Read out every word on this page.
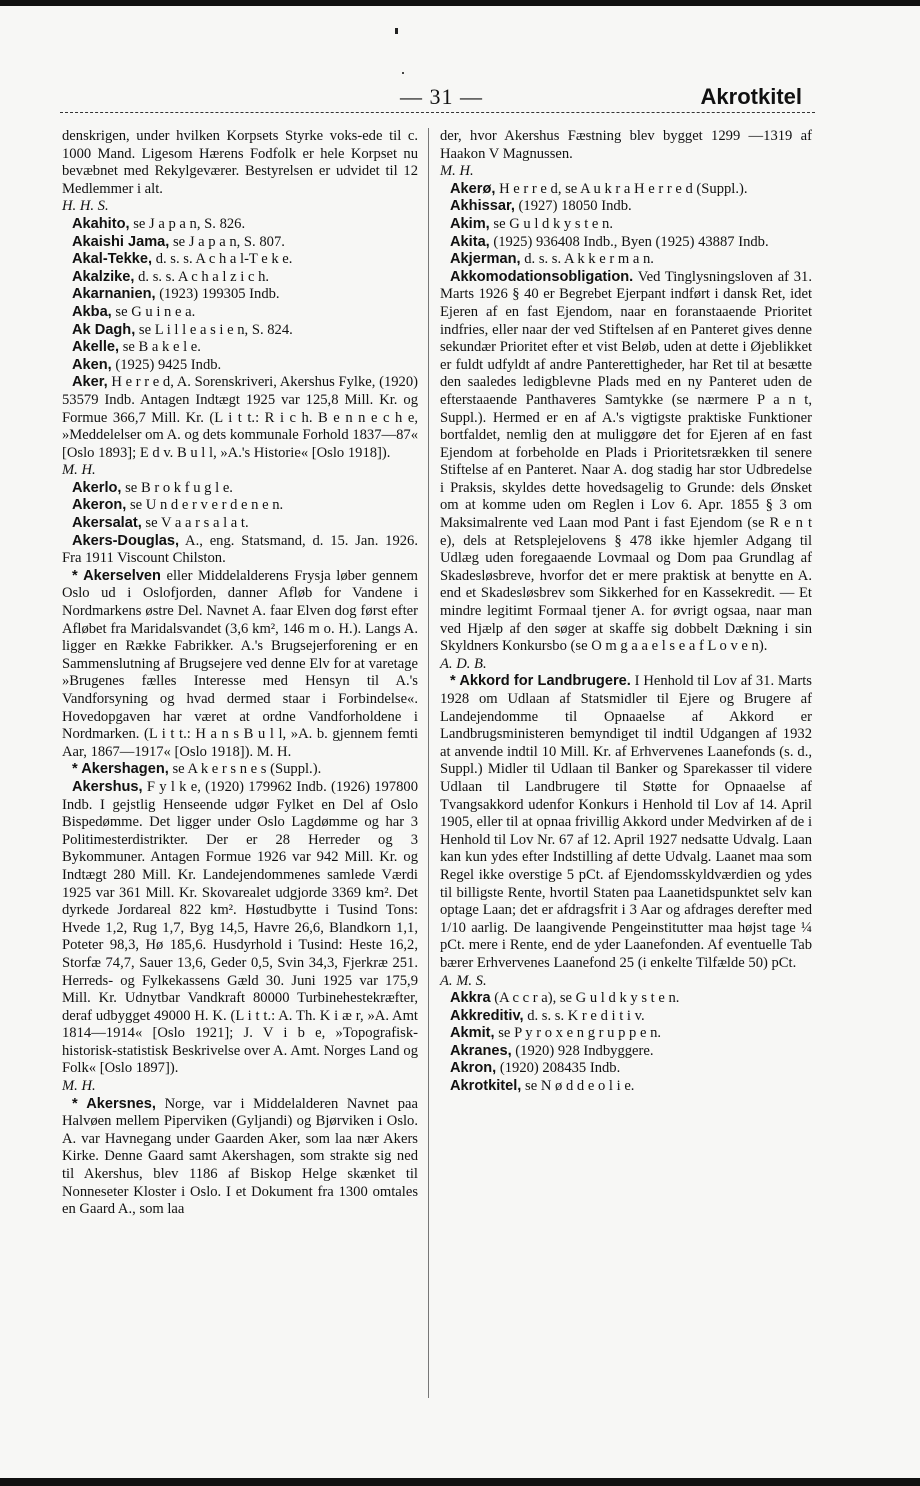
— 31 —	Akrotkitel

denskrigen, under hvilken Korpsets Styrke voks-ede til c. 1000 Mand. Ligesom Hærens Fodfolk er hele Korpset nu bevæbnet med Rekylgeværer. Bestyrelsen er udvidet til 12 Medlemmer i alt.

H. H. S.

Akahito, se J a p a n, S. 826.

Akaishi Jama, se J a p a n, S. 807.

Akal-Tekke, d. s. s. A c h a l-T e k e.

Akalzike, d. s. s. A c h a l z i c h.

Akarnanien, (1923) 199305 Indb.

Akba, se G u i n e a.

Ak Dagh, se L i l l e a s i e n, S. 824.

Akelle, se B a k e l e.

Aken, (1925) 9425 Indb.

Aker, H e r r e d, A. Sorenskriveri, Akershus Fylke, (1920) 53579 Indb. Antagen Indtægt 1925 var 125,8 Mill. Kr. og Formue 366,7 Mill. Kr. (L i t t.: R i c h. B e n n e c h e, »Meddelelser om A. og dets kommunale Forhold 1837—87« [Oslo 1893]; E d v. B u l l, »A.'s Historie« [Oslo 1918]).

M. H.

Akerlo, se B r o k f u g l e.

Akeron, se U n d e r v e r d e n e n.

Akersalat, se V a a r s a l a t.

Akers-Douglas, A., eng. Statsmand, d. 15. Jan. 1926. Fra 1911 Viscount Chilston.

* Akerselven eller Middelalderens Frysja løber gennem Oslo ud i Oslofjorden, danner Afløb for Vandene i Nordmarkens østre Del. Navnet A. faar Elven dog først efter Afløbet fra Maridalsvandet (3,6 km², 146 m o. H.). Langs A. ligger en Række Fabrikker. A.'s Brugsejerforening er en Sammenslutning af Brugsejere ved denne Elv for at varetage »Brugenes fælles Interesse med Hensyn til A.'s Vandforsyning og hvad dermed staar i Forbindelse«. Hovedopgaven har været at ordne Vandforholdene i Nordmarken. (L i t t.: H a n s B u l l, »A. b. gjennem femti Aar, 1867—1917« [Oslo 1918]). M. H.

* Akershagen, se A k e r s n e s (Suppl.).

Akershus, F y l k e, (1920) 179962 Indb. (1926) 197800 Indb. I gejstlig Henseende udgør Fylket en Del af Oslo Bispedømme. Det ligger under Oslo Lagdømme og har 3 Politimesterdistrikter. Der er 28 Herreder og 3 Bykommuner. Antagen Formue 1926 var 942 Mill. Kr. og Indtægt 280 Mill. Kr. Landejendommenes samlede Værdi 1925 var 361 Mill. Kr. Skovarealet udgjorde 3369 km². Det dyrkede Jordareal 822 km². Høstudbytte i Tusind Tons: Hvede 1,2, Rug 1,7, Byg 14,5, Havre 26,6, Blandkorn 1,1, Poteter 98,3, Hø 185,6. Husdyrhold i Tusind: Heste 16,2, Storfæ 74,7, Sauer 13,6, Geder 0,5, Svin 34,3, Fjerkræ 251. Herreds- og Fylkekassens Gæld 30. Juni 1925 var 175,9 Mill. Kr. Udnytbar Vandkraft 80000 Turbinehestekræfter, deraf udbygget 49000 H. K. (L i t t.: A. Th. K i æ r, »A. Amt 1814—1914« [Oslo 1921]; J. V i b e, »Topografisk-historisk-statistisk Beskrivelse over A. Amt. Norges Land og Folk« [Oslo 1897]).

M. H.

* Akersnes, Norge, var i Middelalderen Navnet paa Halvøen mellem Piperviken (Gyljandi) og Bjørviken i Oslo. A. var Havnegang under Gaarden Aker, som laa nær Akers Kirke. Denne Gaard samt Akershagen, som strakte sig ned til Akershus, blev 1186 af Biskop Helge skænket til Nonneseter Kloster i Oslo. I et Dokument fra 1300 omtales en Gaard A., som laa

der, hvor Akershus Fæstning blev bygget 1299 —1319 af Haakon V Magnussen.

M. H.

Akerø, H e r r e d, se A u k r a H e r r e d (Suppl.).

Akhissar, (1927) 18050 Indb.

Akim, se G u l d k y s t e n.

Akita, (1925) 936408 Indb., Byen (1925) 43887 Indb.

Akjerman, d. s. s. A k k e r m a n.

Akkomodationsobligation. Ved Tinglysningsloven af 31. Marts 1926 § 40 er Begrebet Ejerpant indført i dansk Ret, idet Ejeren af en fast Ejendom, naar en foranstaaende Prioritet indfries, eller naar der ved Stiftelsen af en Panteret gives denne sekundær Prioritet efter et vist Beløb, uden at dette i Øjeblikket er fuldt udfyldt af andre Panterettigheder, har Ret til at besætte den saaledes ledigblevne Plads med en ny Panteret uden de efterstaaende Panthaveres Samtykke (se nærmere P a n t, Suppl.). Hermed er en af A.'s vigtigste praktiske Funktioner bortfaldet, nemlig den at muliggøre det for Ejeren af en fast Ejendom at forbeholde en Plads i Prioritetsrækken til senere Stiftelse af en Panteret. Naar A. dog stadig har stor Udbredelse i Praksis, skyldes dette hovedsagelig to Grunde: dels Ønsket om at komme uden om Reglen i Lov 6. Apr. 1855 § 3 om Maksimalrente ved Laan mod Pant i fast Ejendom (se R e n t e), dels at Retsplejelovens § 478 ikke hjemler Adgang til Udlæg uden foregaaende Lovmaal og Dom paa Grundlag af Skadesløsbreve, hvorfor det er mere praktisk at benytte en A. end et Skadesløsbrev som Sikkerhed for en Kassekredit. — Et mindre legitimt Formaal tjener A. for øvrigt ogsaa, naar man ved Hjælp af den søger at skaffe sig dobbelt Dækning i sin Skyldners Konkursbo (se O m g a a e l s e a f L o v e n).

A. D. B.

* Akkord for Landbrugere. I Henhold til Lov af 31. Marts 1928 om Udlaan af Statsmidler til Ejere og Brugere af Landejendomme til Opnaaelse af Akkord er Landbrugsministeren bemyndiget til indtil Udgangen af 1932 at anvende indtil 10 Mill. Kr. af Erhvervenes Laanefonds (s. d., Suppl.) Midler til Udlaan til Banker og Sparekasser til videre Udlaan til Landbrugere til Støtte for Opnaaelse af Tvangsakkord udenfor Konkurs i Henhold til Lov af 14. April 1905, eller til at opnaa frivillig Akkord under Medvirken af de i Henhold til Lov Nr. 67 af 12. April 1927 nedsatte Udvalg. Laan kan kun ydes efter Indstilling af dette Udvalg. Laanet maa som Regel ikke overstige 5 pCt. af Ejendomsskyldværdien og ydes til billigste Rente, hvortil Staten paa Laanetidspunktet selv kan optage Laan; det er afdragsfrit i 3 Aar og afdrages derefter med 1/10 aarlig. De laangivende Pengeinstitutter maa højst tage ¼ pCt. mere i Rente, end de yder Laanefonden. Af eventuelle Tab bærer Erhvervenes Laanefond 25 (i enkelte Tilfælde 50) pCt.

A. M. S.

Akkra (A c c r a), se G u l d k y s t e n.

Akkreditiv, d. s. s. K r e d i t i v.

Akmit, se P y r o x e n g r u p p e n.

Akranes, (1920) 928 Indbyggere.

Akron, (1920) 208435 Indb.

Akrotkitel, se N ø d d e o l i e.
